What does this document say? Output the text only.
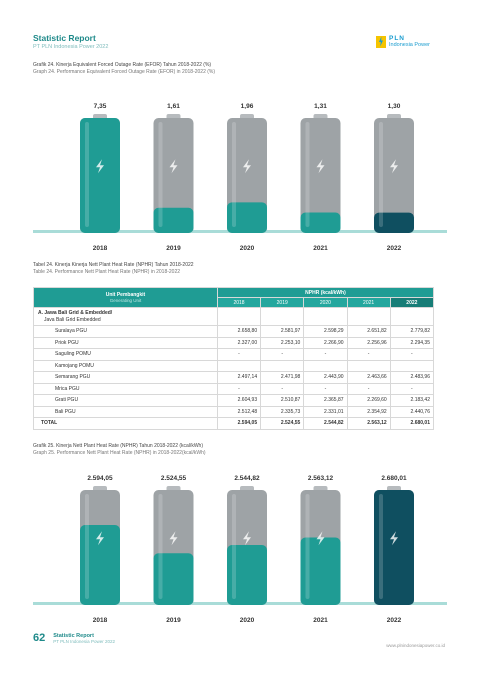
Statistic Report
PT PLN Indonesia Power 2022
PLN
Indonesia Power
Grafik 24. Kinerja Equivalent Forced Outage Rate (EFOR) Tahun 2018-2022 (%)
Graph 24. Performance Equivalent Forced Outage Rate (EFOR) in 2018-2022 (%)
7,35
2018
1,61
2019
1,96
2020
1,31
2021
1,30
2022
Tabel 24. Kinerja Kinerja Nett Plant Heat Rate (NPHR) Tahun 2018-2022
Table 24. Performance Nett Plant Heat Rate (NPHR) in 2018-2022
Unit Pembangkit
Generating Unit	NPHR (kcal/kWh)				
	2018	2019	2020	2021	2022

A. Jawa Bali Grid & Embedded/
Java Bali Grid Embedded					

Suralaya PGU	2.658,80	2.581,97	2.598,29	2.651,82	2.779,82
Priok PGU	2.327,00	2.253,10	2.266,90	2.256,96	2.294,35
Saguling POMU	-	-	-	-	-
Kamojang POMU					
Semarang PGU	2.497,14	2.471,98	2.443,90	2.463,66	2.483,96
Mrica PGU	-	-	-	-	-
Grati PGU	2.604,93	2.510,87	2.365,87	2.269,60	2.183,42
Bali PGU	2.512,48	2.335,73	2.331,01	2.354,92	2.440,76
TOTAL	2.594,05	2.524,55	2.544,82	2.563,12	2.680,01
Grafik 25. Kinerja Nett Plant Heat Rate (NPHR) Tahun 2018-2022 (kcal/kWh)
Graph 25. Performance Nett Plant Heat Rate (NPHR) in 2018-2022(kcal/kWh)
2.594,05
2018
2.524,55
2019
2.544,82
2020
2.563,12
2021
2.680,01
2022
62 Statistic Report
PT PLN Indonesia Power 2022
www.plnindonesiapower.co.id
